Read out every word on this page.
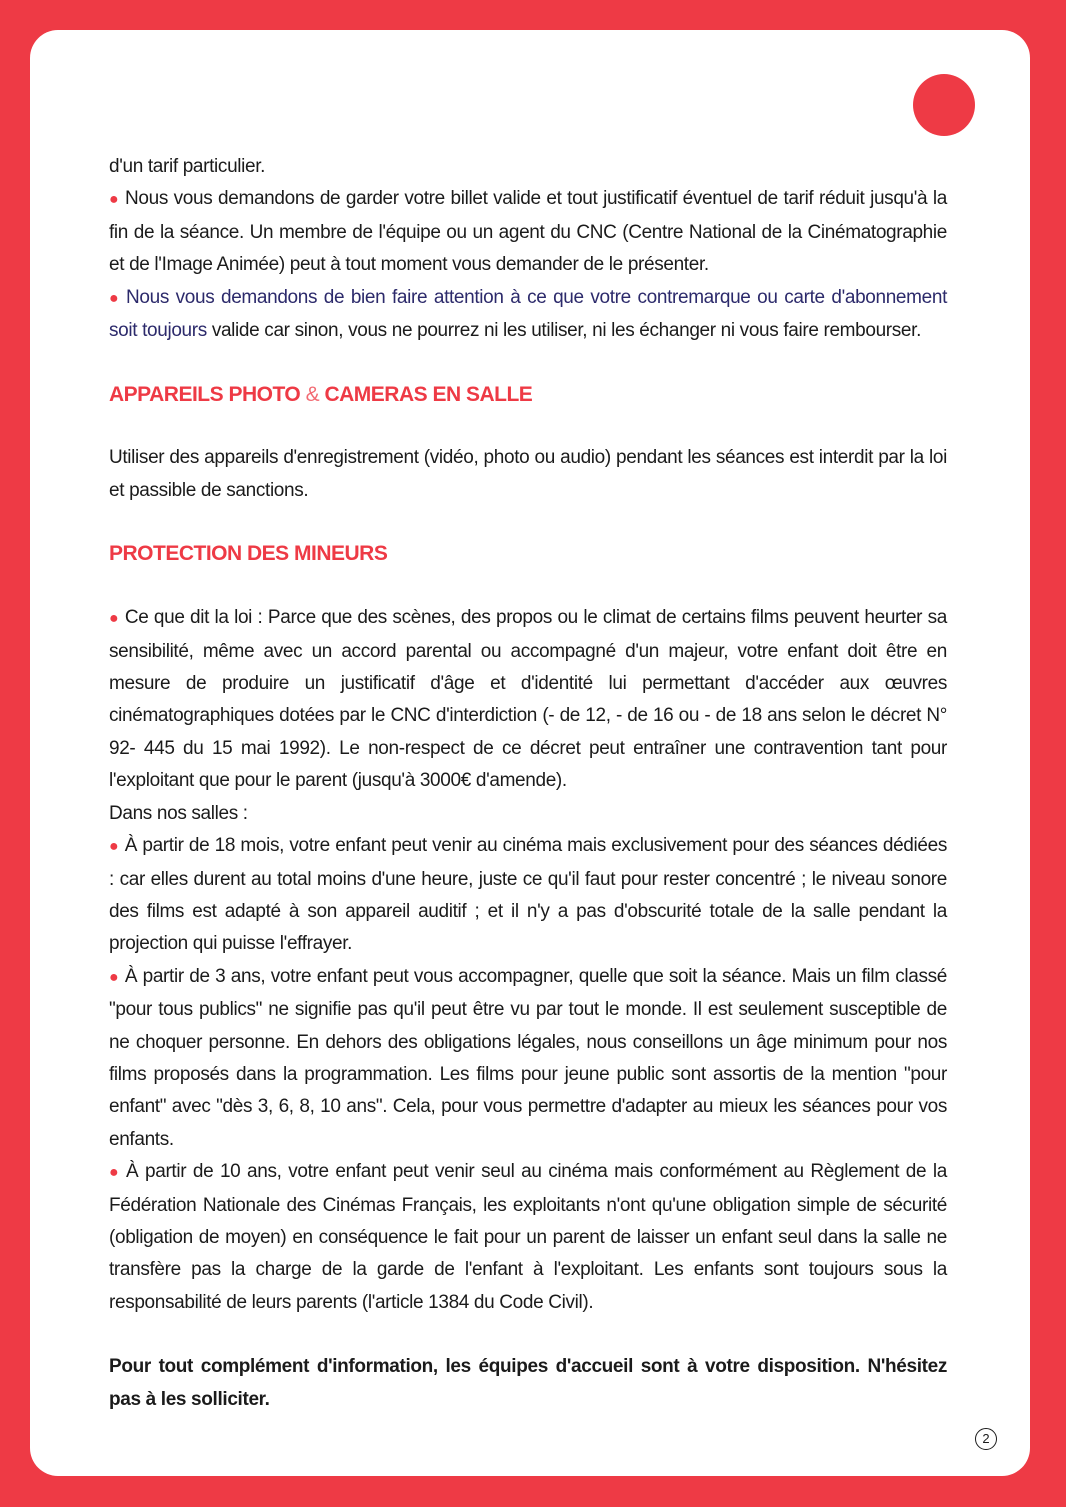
d'un tarif particulier.

● Nous vous demandons de garder votre billet valide et tout justificatif éventuel de tarif réduit jusqu'à la fin de la séance. Un membre de l'équipe ou un agent du CNC (Centre National de la Cinématographie et de l'Image Animée) peut à tout moment vous demander de le présenter.

● Nous vous demandons de bien faire attention à ce que votre contremarque ou carte d'abonnement soit toujours valide car sinon, vous ne pourrez ni les utiliser, ni les échanger ni vous faire rembourser.

APPAREILS PHOTO & CAMERAS EN SALLE

Utiliser des appareils d'enregistrement (vidéo, photo ou audio) pendant les séances est interdit par la loi et passible de sanctions.

PROTECTION DES MINEURS

● Ce que dit la loi : Parce que des scènes, des propos ou le climat de certains films peuvent heurter sa sensibilité, même avec un accord parental ou accompagné d'un majeur, votre enfant doit être en mesure de produire un justificatif d'âge et d'identité lui permettant d'accéder aux œuvres cinématographiques dotées par le CNC d'interdiction (- de 12, - de 16 ou - de 18 ans selon le décret N° 92- 445 du 15 mai 1992). Le non-respect de ce décret peut entraîner une contravention tant pour l'exploitant que pour le parent (jusqu'à 3000€ d'amende).

Dans nos salles :

● À partir de 18 mois, votre enfant peut venir au cinéma mais exclusivement pour des séances dédiées : car elles durent au total moins d'une heure, juste ce qu'il faut pour rester concentré ; le niveau sonore des films est adapté à son appareil auditif ; et il n'y a pas d'obscurité totale de la salle pendant la projection qui puisse l'effrayer.

● À partir de 3 ans, votre enfant peut vous accompagner, quelle que soit la séance. Mais un film classé "pour tous publics" ne signifie pas qu'il peut être vu par tout le monde. Il est seulement susceptible de ne choquer personne. En dehors des obligations légales, nous conseillons un âge minimum pour nos films proposés dans la programmation. Les films pour jeune public sont assortis de la mention "pour enfant" avec "dès 3, 6, 8, 10 ans". Cela, pour vous permettre d'adapter au mieux les séances pour vos enfants.

● À partir de 10 ans, votre enfant peut venir seul au cinéma mais conformément au Règlement de la Fédération Nationale des Cinémas Français, les exploitants n'ont qu'une obligation simple de sécurité (obligation de moyen) en conséquence le fait pour un parent de laisser un enfant seul dans la salle ne transfère pas la charge de la garde de l'enfant à l'exploitant. Les enfants sont toujours sous la responsabilité de leurs parents (l'article 1384 du Code Civil).

Pour tout complément d'information, les équipes d'accueil sont à votre disposition. N'hésitez pas à les solliciter.

2
